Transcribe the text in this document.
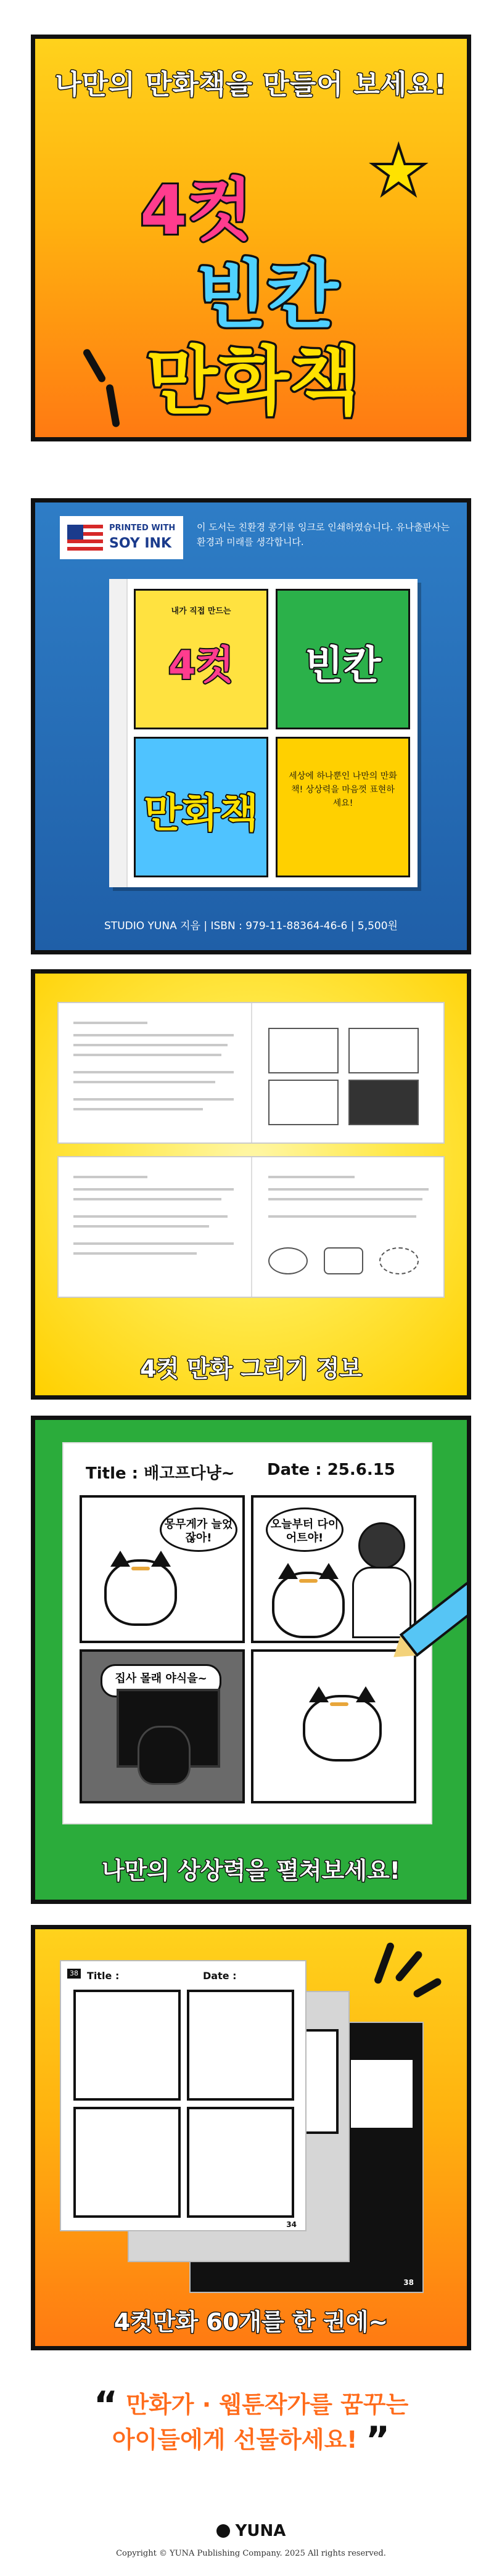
나만의 만화책을 만들어 보세요!
★
4컷
빈칸
만화책
PRINTED WITH
SOY INK
이 도서는 친환경 콩기름 잉크로 인쇄하였습니다. 유나출판사는 환경과 미래를 생각합니다.
내가 직접 만드는
4컷	빈칸
만화책
세상에 하나뿐인 나만의 만화책! 상상력을 마음껏 표현하세요!
STUDIO YUNA 지음 | ISBN : 979-11-88364-46-6 | 5,500원
4컷 만화 그리기 정보
Title : 배고프다냥~ Date : 25.6.15
몽무게가 늘었잖아!
오늘부터 다이어트야!
집사 몰래 야식을~
나만의 상상력을 펼쳐보세요!
38
38 Title :	Date :
34
4컷만화 60개를 한 권에~
“ 만화가 · 웹툰작가를 꿈꾸는
아이들에게 선물하세요! ”
YUNA
Copyright © YUNA Publishing Company. 2025 All rights reserved.
